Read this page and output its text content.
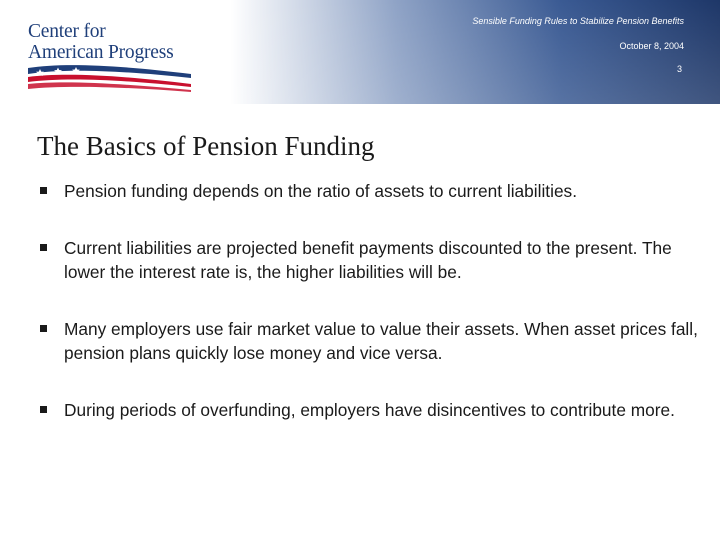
Center for
American Progress
Sensible Funding Rules to Stabilize Pension Benefits
October 8, 2004
3
The Basics of Pension Funding
Pension funding depends on the ratio of assets to current liabilities.
Current liabilities are projected benefit payments discounted to the present. The lower the interest rate is, the higher liabilities will be.
Many employers use fair market value to value their assets. When asset prices fall, pension plans quickly lose money and vice versa.
During periods of overfunding, employers have disincentives to contribute more.
